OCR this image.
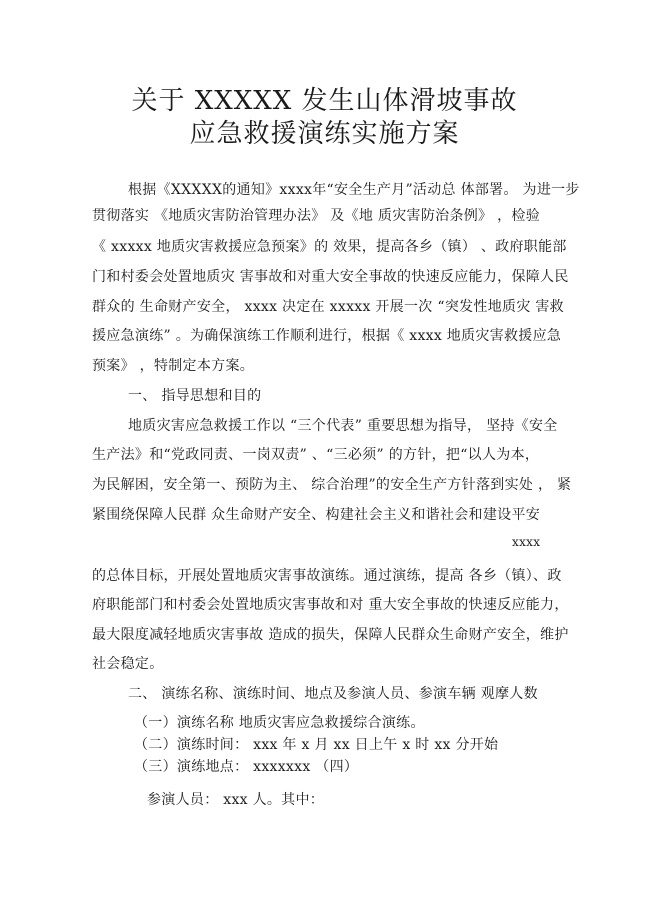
关于 XXXXX 发生山体滑坡事故
应急救援演练实施方案
根据《XXXXX的通知》xxxx年“安全生产月”活动总 体部署。 为进一步
贯彻落实 《地质灾害防治管理办法》 及《地 质灾害防治条例》 ，检验
《 xxxxx 地质灾害救援应急预案》的 效果，提高各乡（镇） 、政府职能部
门和村委会处置地质灾 害事故和对重大安全事故的快速反应能力，保障人民
群众的 生命财产安全， xxxx 决定在 xxxxx 开展一次 “突发性地质灾 害救
援应急演练” 。为确保演练工作顺利进行，根据《 xxxx 地质灾害救援应急
预案》 ，特制定本方案。
一、 指导思想和目的
地质灾害应急救援工作以 “三个代表” 重要思想为指导， 坚持《安全
生产法》和“党政同责、一岗双责” 、“三必须” 的方针，把“以人为本，
为民解困，安全第一、预防为主、 综合治理”的安全生产方针落到实处 ， 紧
紧围绕保障人民群 众生命财产安全、构建社会主义和谐社会和建设平安
xxxx
的总体目标，开展处置地质灾害事故演练。通过演练，提高 各乡（镇）、政
府职能部门和村委会处置地质灾害事故和对 重大安全事故的快速反应能力，
最大限度减轻地质灾害事故 造成的损失，保障人民群众生命财产安全，维护
社会稳定。
二、 演练名称、演练时间、地点及参演人员、参演车辆 观摩人数
（一）演练名称 地质灾害应急救援综合演练。
（二）演练时间： xxx 年 x 月 xx 日上午 x 时 xx 分开始
（三）演练地点： xxxxxxx （四）
参演人员： xxx 人。其中：
